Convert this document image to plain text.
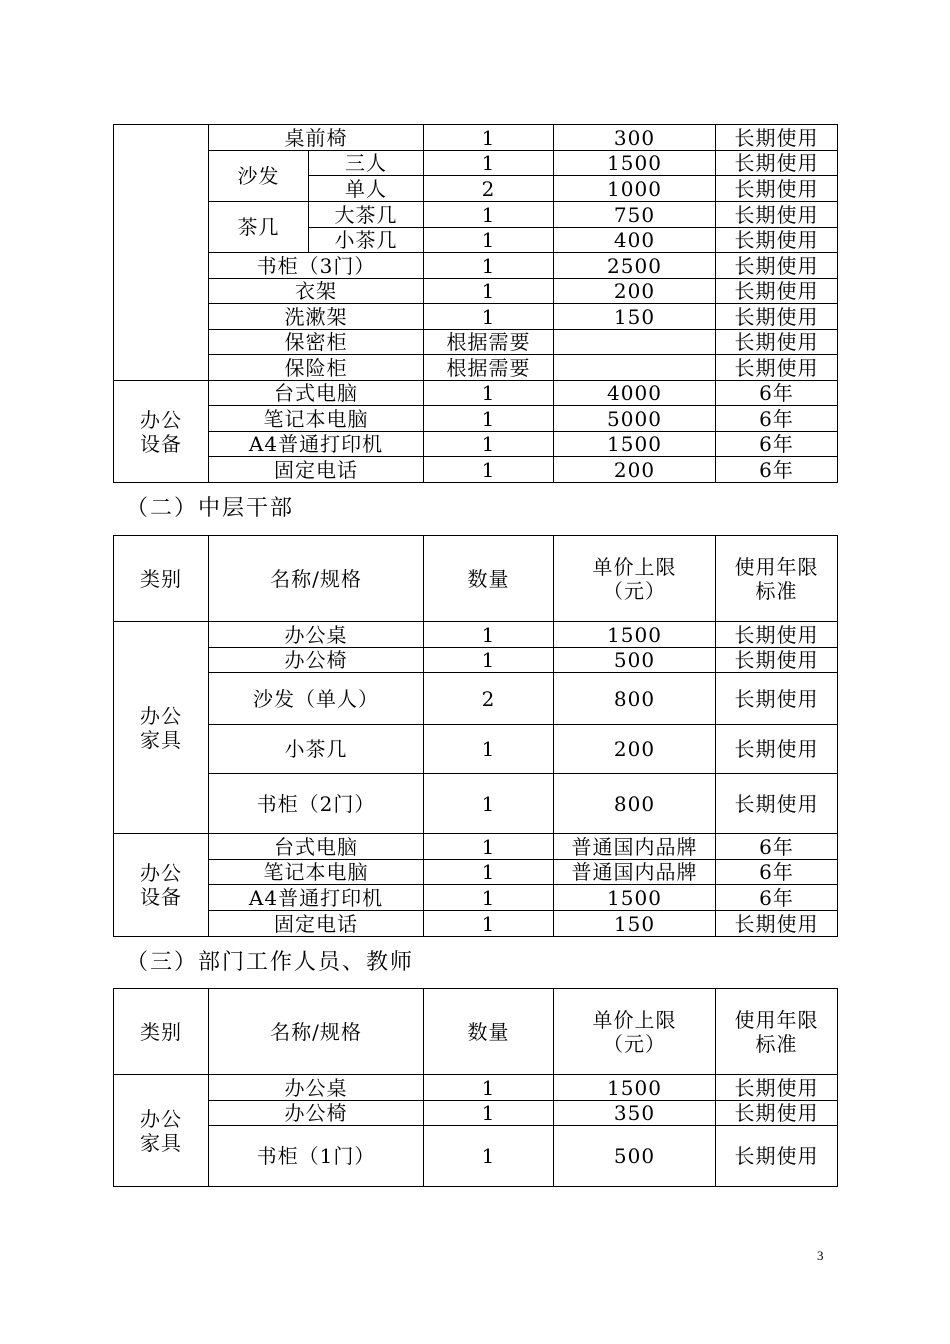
	桌前椅		1	300	长期使用
	沙发	三人	1	1500	长期使用
		单人	2	1000	长期使用
	茶几	大茶几	1	750	长期使用
		小茶几	1	400	长期使用
	书柜（3门）		1	2500	长期使用
	衣架		1	200	长期使用
	洗漱架		1	150	长期使用
	保密柜		根据需要		长期使用
	保险柜		根据需要		长期使用
办公设备	台式电脑		1	4000	6年
	笔记本电脑		1	5000	6年
	A4普通打印机		1	1500	6年
	固定电话		1	200	6年
（二）中层干部
类别	名称/规格	数量	单价上限（元）	使用年限标准
办公家具	办公桌	1	1500	长期使用
	办公椅	1	500	长期使用
	沙发（单人）	2	800	长期使用
	小茶几	1	200	长期使用
	书柜（2门）	1	800	长期使用
办公设备	台式电脑	1	普通国内品牌	6年
	笔记本电脑	1	普通国内品牌	6年
	A4普通打印机	1	1500	6年
	固定电话	1	150	长期使用
（三）部门工作人员、教师
类别	名称/规格	数量	单价上限（元）	使用年限标准
办公家具	办公桌	1	1500	长期使用
	办公椅	1	350	长期使用
	书柜（1门）	1	500	长期使用
3
